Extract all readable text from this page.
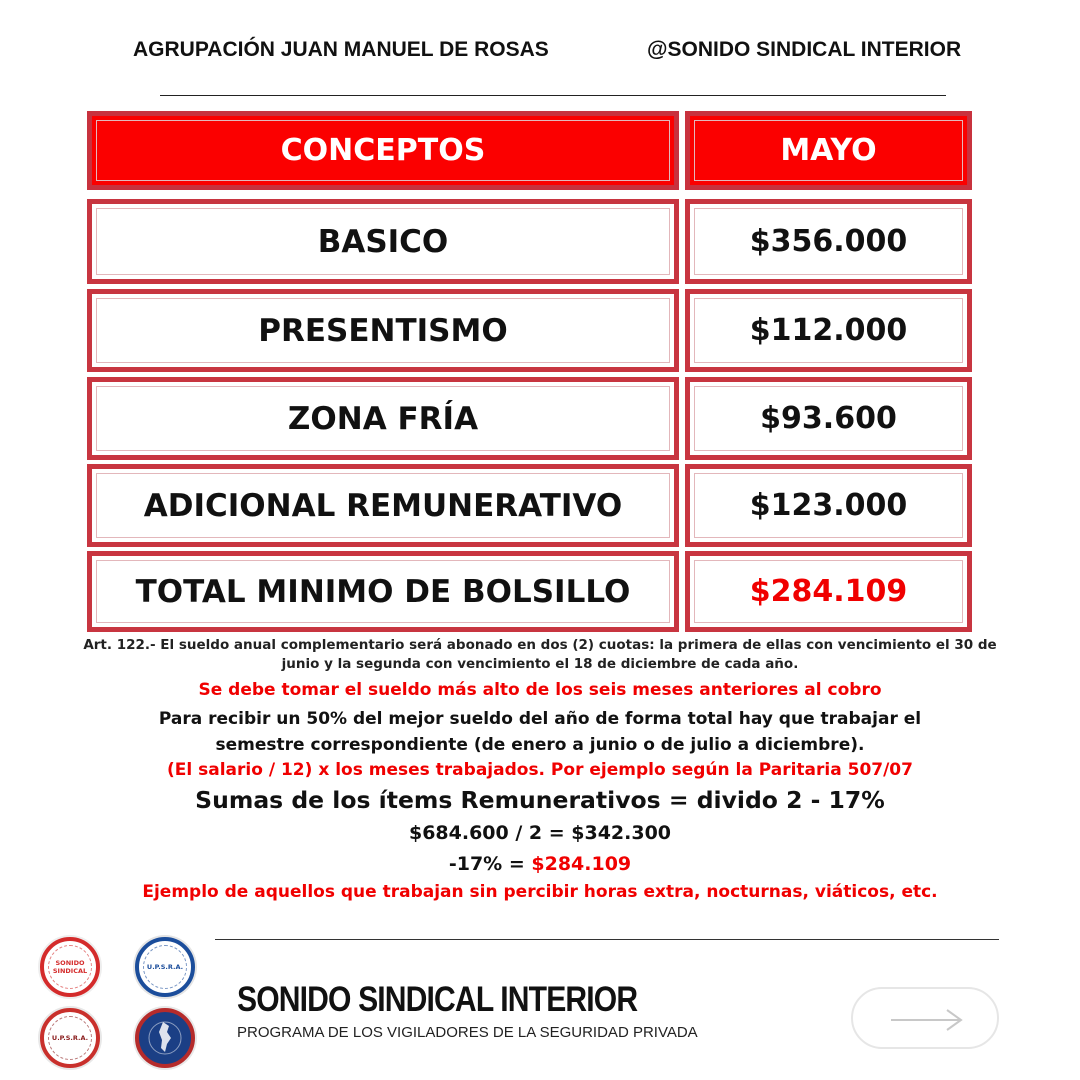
AGRUPACIÓN JUAN MANUEL DE ROSAS	@SONIDO SINDICAL INTERIOR
CONCEPTOS	MAYO
BASICO	$356.000
PRESENTISMO	$112.000
ZONA FRÍA	$93.600
ADICIONAL REMUNERATIVO	$123.000
TOTAL MINIMO DE BOLSILLO	$284.109
Art. 122.- El sueldo anual complementario será abonado en dos (2) cuotas: la primera de ellas con vencimiento el 30 de junio y la segunda con vencimiento el 18 de diciembre de cada año.
Se debe tomar el sueldo más alto de los seis meses anteriores al cobro
Para recibir un 50% del mejor sueldo del año de forma total hay que trabajar el semestre correspondiente (de enero a junio o de julio a diciembre).
(El salario / 12) x los meses trabajados. Por ejemplo según la Paritaria 507/07
Sumas de los ítems Remunerativos = divido 2 - 17%
$684.600 / 2 = $342.300
-17% = $284.109
Ejemplo de aquellos que trabajan sin percibir horas extra, nocturnas, viáticos, etc.
SONIDO SINDICAL	U.P.S.R.A.
U.P.S.R.A.
SONIDO SINDICAL INTERIOR
PROGRAMA DE LOS VIGILADORES DE LA SEGURIDAD PRIVADA
